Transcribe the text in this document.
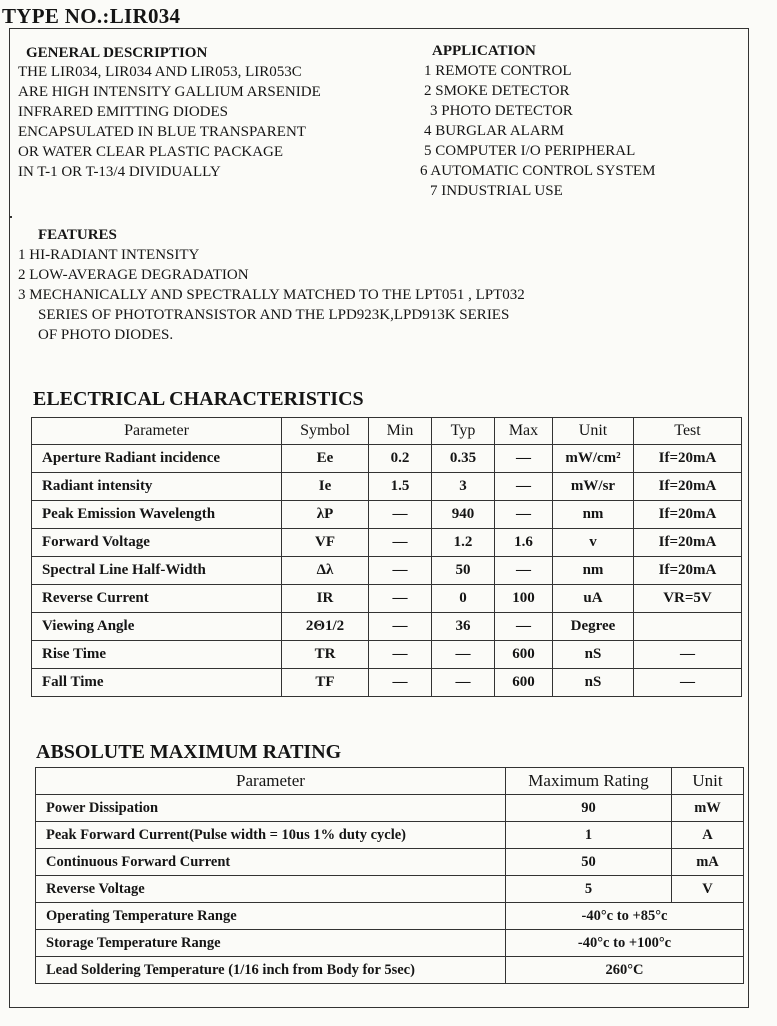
TYPE NO.:LIR034
GENERAL DESCRIPTION
THE LIR034, LIR034 AND LIR053, LIR053C
ARE HIGH INTENSITY GALLIUM ARSENIDE
INFRARED EMITTING DIODES
ENCAPSULATED IN BLUE TRANSPARENT
OR WATER CLEAR PLASTIC PACKAGE
IN T-1 OR T-13/4 DIVIDUALLY
APPLICATION
1 REMOTE CONTROL
2 SMOKE DETECTOR
3 PHOTO DETECTOR
4 BURGLAR ALARM
5 COMPUTER I/O PERIPHERAL
6 AUTOMATIC CONTROL SYSTEM
7 INDUSTRIAL USE
FEATURES
1 HI-RADIANT INTENSITY
2 LOW-AVERAGE DEGRADATION
3 MECHANICALLY AND SPECTRALLY MATCHED TO THE LPT051 , LPT032
SERIES OF PHOTOTRANSISTOR AND THE LPD923K,LPD913K SERIES
OF PHOTO DIODES.
ELECTRICAL CHARACTERISTICS
Parameter	Symbol	Min	Typ	Max	Unit	Test
Aperture Radiant incidence	Ee	0.2	0.35	—	mW/cm²	If=20mA
Radiant intensity	Ie	1.5	3	—	mW/sr	If=20mA
Peak Emission Wavelength	λP	—	940	—	nm	If=20mA
Forward Voltage	VF	—	1.2	1.6	v	If=20mA
Spectral Line Half-Width	Δλ	—	50	—	nm	If=20mA
Reverse Current	IR	—	0	100	uA	VR=5V
Viewing Angle	2Θ1/2	—	36	—	Degree	
Rise Time	TR	—	—	600	nS	—
Fall Time	TF	—	—	600	nS	—
ABSOLUTE MAXIMUM RATING
Parameter	Maximum Rating	Unit
Power Dissipation	90	mW
Peak Forward Current(Pulse width = 10us 1% duty cycle)	1	A
Continuous Forward Current	50	mA
Reverse Voltage	5	V
Operating Temperature Range	-40°c to +85°c	
Storage Temperature Range	-40°c to +100°c	
Lead Soldering Temperature (1/16 inch from Body for 5sec)	260°C	
